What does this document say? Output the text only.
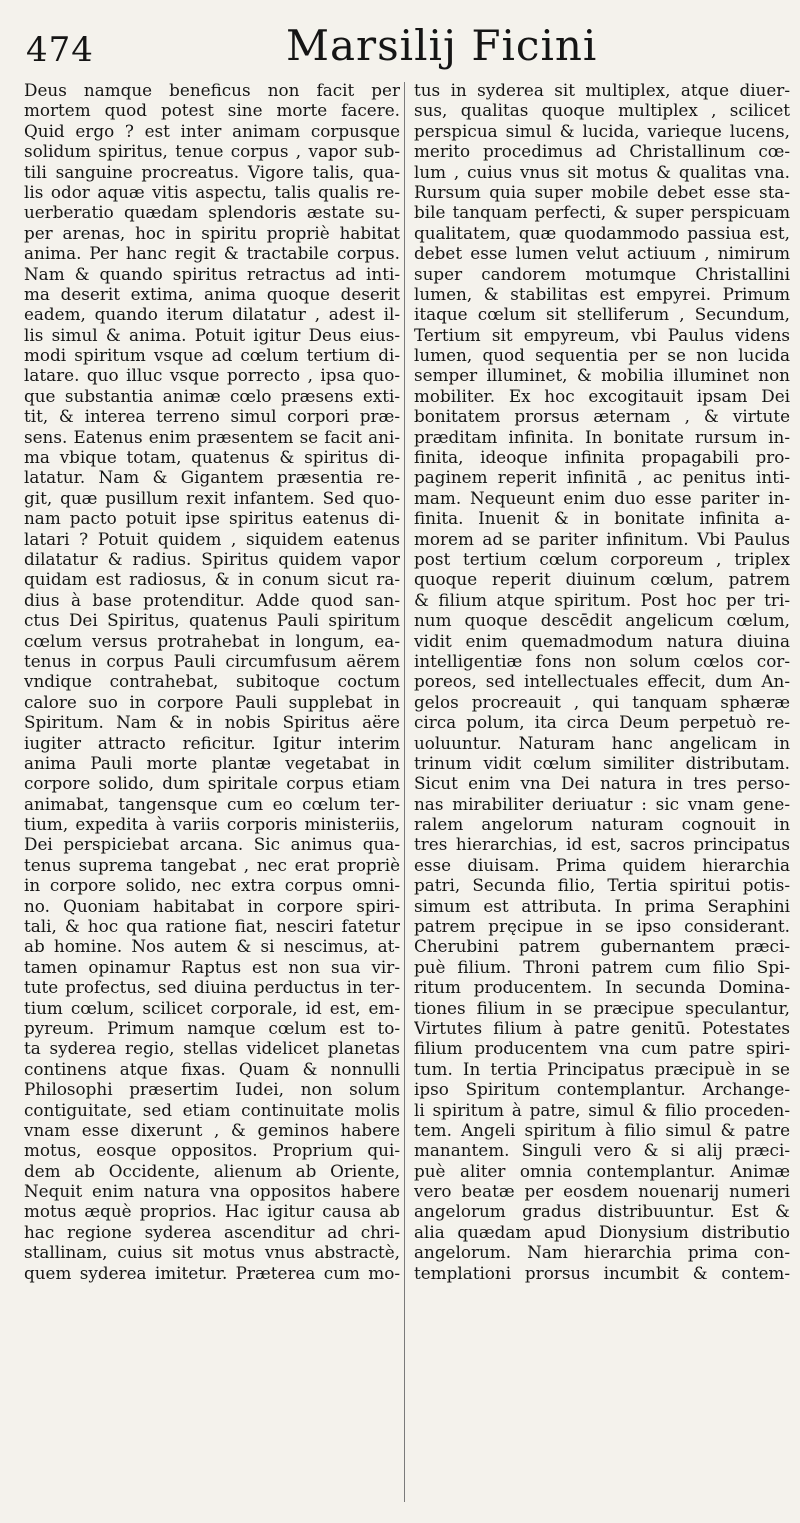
474	Marsilij Ficini
Deus namque beneficus non facit per
mortem quod potest sine morte facere.
Quid ergo ? est inter animam corpusque
solidum spiritus, tenue corpus , vapor sub-
tili sanguine procreatus. Vigore talis, qua-
lis odor aquæ vitis aspectu, talis qualis re-
uerberatio quædam splendoris æstate su-
per arenas, hoc in spiritu propriè habitat
anima. Per hanc regit & tractabile corpus.
Nam & quando spiritus retractus ad inti-
ma deserit extima, anima quoque deserit
eadem, quando iterum dilatatur , adest il-
lis simul & anima. Potuit igitur Deus eius-
modi spiritum vsque ad cœlum tertium di-
latare. quo illuc vsque porrecto , ipsa quo-
que substantia animæ cœlo præsens exti-
tit, & interea terreno simul corpori præ-
sens. Eatenus enim præsentem se facit ani-
ma vbique totam, quatenus & spiritus di-
latatur. Nam & Gigantem præsentia re-
git, quæ pusillum rexit infantem. Sed quo-
nam pacto potuit ipse spiritus eatenus di-
latari ? Potuit quidem , siquidem eatenus
dilatatur & radius. Spiritus quidem vapor
quidam est radiosus, & in conum sicut ra-
dius à base protenditur. Adde quod san-
ctus Dei Spiritus, quatenus Pauli spiritum
cœlum versus protrahebat in longum, ea-
tenus in corpus Pauli circumfusum aërem
vndique contrahebat, subitoque coctum
calore suo in corpore Pauli supplebat in
Spiritum. Nam & in nobis Spiritus aëre
iugiter attracto reficitur. Igitur interim
anima Pauli morte plantæ vegetabat in
corpore solido, dum spiritale corpus etiam
animabat, tangensque cum eo cœlum ter-
tium, expedita à variis corporis ministeriis,
Dei perspiciebat arcana. Sic animus qua-
tenus suprema tangebat , nec erat propriè
in corpore solido, nec extra corpus omni-
no. Quoniam habitabat in corpore spiri-
tali, & hoc qua ratione fiat, nesciri fatetur
ab homine. Nos autem & si nescimus, at-
tamen opinamur Raptus est non sua vir-
tute profectus, sed diuina perductus in ter-
tium cœlum, scilicet corporale, id est, em-
pyreum. Primum namque cœlum est to-
ta syderea regio, stellas videlicet planetas
continens atque fixas. Quam & nonnulli
Philosophi præsertim Iudei, non solum
contiguitate, sed etiam continuitate molis
vnam esse dixerunt , & geminos habere
motus, eosque oppositos. Proprium qui-
dem ab Occidente, alienum ab Oriente,
Nequit enim natura vna oppositos habere
motus æquè proprios. Hac igitur causa ab
hac regione syderea ascenditur ad chri-
stallinam, cuius sit motus vnus abstractè,
quem syderea imitetur. Præterea cum mo-
tus in syderea sit multiplex, atque diuer-
sus, qualitas quoque multiplex , scilicet
perspicua simul & lucida, varieque lucens,
merito procedimus ad Christallinum cœ-
lum , cuius vnus sit motus & qualitas vna.
Rursum quia super mobile debet esse sta-
bile tanquam perfecti, & super perspicuam
qualitatem, quæ quodammodo passiua est,
debet esse lumen velut actiuum , nimirum
super candorem motumque Christallini
lumen, & stabilitas est empyrei. Primum
itaque cœlum sit stelliferum , Secundum,
Tertium sit empyreum, vbi Paulus videns
lumen, quod sequentia per se non lucida
semper illuminet, & mobilia illuminet non
mobiliter. Ex hoc excogitauit ipsam Dei
bonitatem prorsus æternam , & virtute
præditam infinita. In bonitate rursum in-
finita, ideoque infinita propagabili pro-
paginem reperit infinitā , ac penitus inti-
mam. Nequeunt enim duo esse pariter in-
finita. Inuenit & in bonitate infinita a-
morem ad se pariter infinitum. Vbi Paulus
post tertium cœlum corporeum , triplex
quoque reperit diuinum cœlum, patrem
& filium atque spiritum. Post hoc per tri-
num quoque descēdit angelicum cœlum,
vidit enim quemadmodum natura diuina
intelligentiæ fons non solum cœlos cor-
poreos, sed intellectuales effecit, dum An-
gelos procreauit , qui tanquam sphæræ
circa polum, ita circa Deum perpetuò re-
uoluuntur. Naturam hanc angelicam in
trinum vidit cœlum similiter distributam.
Sicut enim vna Dei natura in tres perso-
nas mirabiliter deriuatur : sic vnam gene-
ralem angelorum naturam cognouit in
tres hierarchias, id est, sacros principatus
esse diuisam. Prima quidem hierarchia
patri, Secunda filio, Tertia spiritui potis-
simum est attributa. In prima Seraphini
patrem pręcipue in se ipso considerant.
Cherubini patrem gubernantem præci-
puè filium. Throni patrem cum filio Spi-
ritum producentem. In secunda Domina-
tiones filium in se præcipue speculantur,
Virtutes filium à patre genitū. Potestates
filium producentem vna cum patre spiri-
tum. In tertia Principatus præcipuè in se
ipso Spiritum contemplantur. Archange-
li spiritum à patre, simul & filio proceden-
tem. Angeli spiritum à filio simul & patre
manantem. Singuli vero & si alij præci-
puè aliter omnia contemplantur. Animæ
vero beatæ per eosdem nouenarij numeri
angelorum gradus distribuuntur. Est &
alia quædam apud Dionysium distributio
angelorum. Nam hierarchia prima con-
templationi prorsus incumbit & contem-
